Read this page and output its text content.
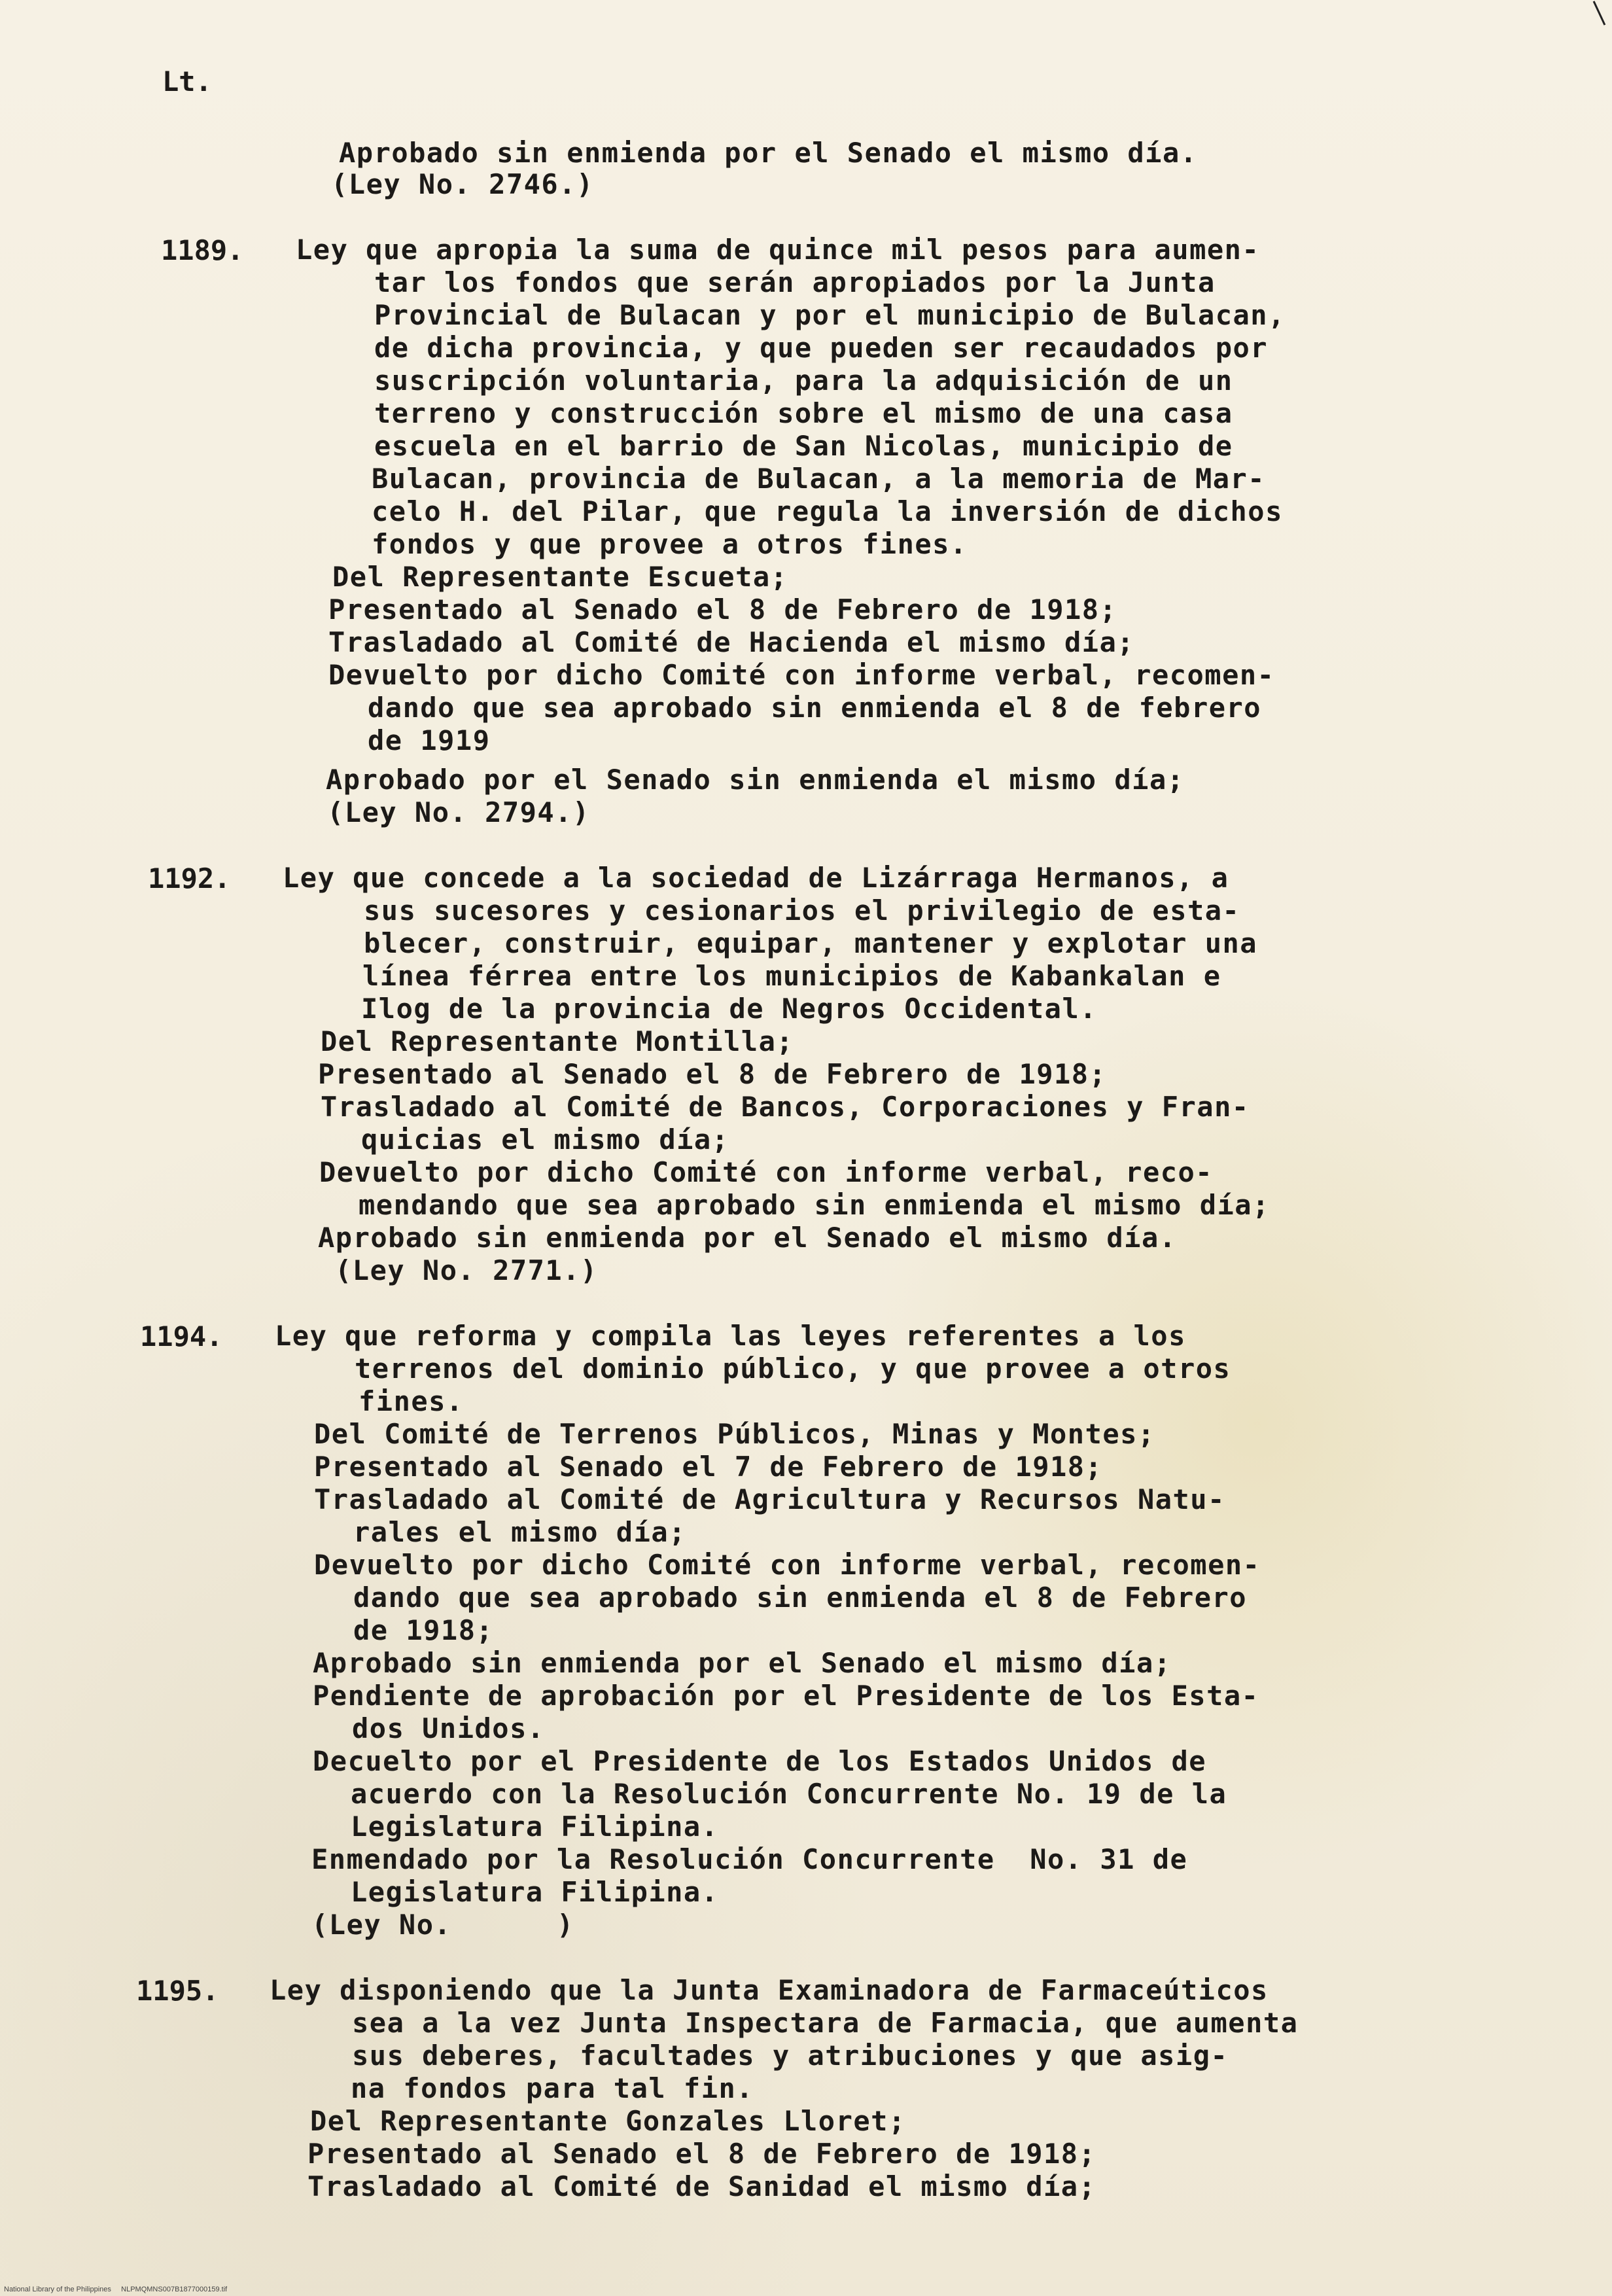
Lt.
Aprobado sin enmienda por el Senado el mismo día.
(Ley No. 2746.)
1189. Ley que apropia la suma de quince mil pesos para aumen-
tar los fondos que serán apropiados por la Junta
Provincial de Bulacan y por el municipio de Bulacan,
de dicha provincia, y que pueden ser recaudados por
suscripción voluntaria, para la adquisición de un
terreno y construcción sobre el mismo de una casa
escuela en el barrio de San Nicolas, municipio de
Bulacan, provincia de Bulacan, a la memoria de Mar-
celo H. del Pilar, que regula la inversión de dichos
fondos y que provee a otros fines.
Del Representante Escueta;
Presentado al Senado el 8 de Febrero de 1918;
Trasladado al Comité de Hacienda el mismo día;
Devuelto por dicho Comité con informe verbal, recomen-
dando que sea aprobado sin enmienda el 8 de febrero
de 1919
Aprobado por el Senado sin enmienda el mismo día;
(Ley No. 2794.)
1192. Ley que concede a la sociedad de Lizárraga Hermanos, a
sus sucesores y cesionarios el privilegio de esta-
blecer, construir, equipar, mantener y explotar una
línea férrea entre los municipios de Kabankalan e
Ilog de la provincia de Negros Occidental.
Del Representante Montilla;
Presentado al Senado el 8 de Febrero de 1918;
Trasladado al Comité de Bancos, Corporaciones y Fran-
quicias el mismo día;
Devuelto por dicho Comité con informe verbal, reco-
mendando que sea aprobado sin enmienda el mismo día;
Aprobado sin enmienda por el Senado el mismo día.
(Ley No. 2771.)
1194. Ley que reforma y compila las leyes referentes a los
terrenos del dominio público, y que provee a otros
fines.
Del Comité de Terrenos Públicos, Minas y Montes;
Presentado al Senado el 7 de Febrero de 1918;
Trasladado al Comité de Agricultura y Recursos Natu-
rales el mismo día;
Devuelto por dicho Comité con informe verbal, recomen-
dando que sea aprobado sin enmienda el 8 de Febrero
de 1918;
Aprobado sin enmienda por el Senado el mismo día;
Pendiente de aprobación por el Presidente de los Esta-
dos Unidos.
Decuelto por el Presidente de los Estados Unidos de
acuerdo con la Resolución Concurrente No. 19 de la
Legislatura Filipina.
Enmendado por la Resolución Concurrente  No. 31 de
Legislatura Filipina.
(Ley No.      )
1195. Ley disponiendo que la Junta Examinadora de Farmaceúticos
sea a la vez Junta Inspectara de Farmacia, que aumenta
sus deberes, facultades y atribuciones y que asig-
na fondos para tal fin.
Del Representante Gonzales Lloret;
Presentado al Senado el 8 de Febrero de 1918;
Trasladado al Comité de Sanidad el mismo día;
National Library of the Philippines     NLPMQMNS007B1877000159.tif
